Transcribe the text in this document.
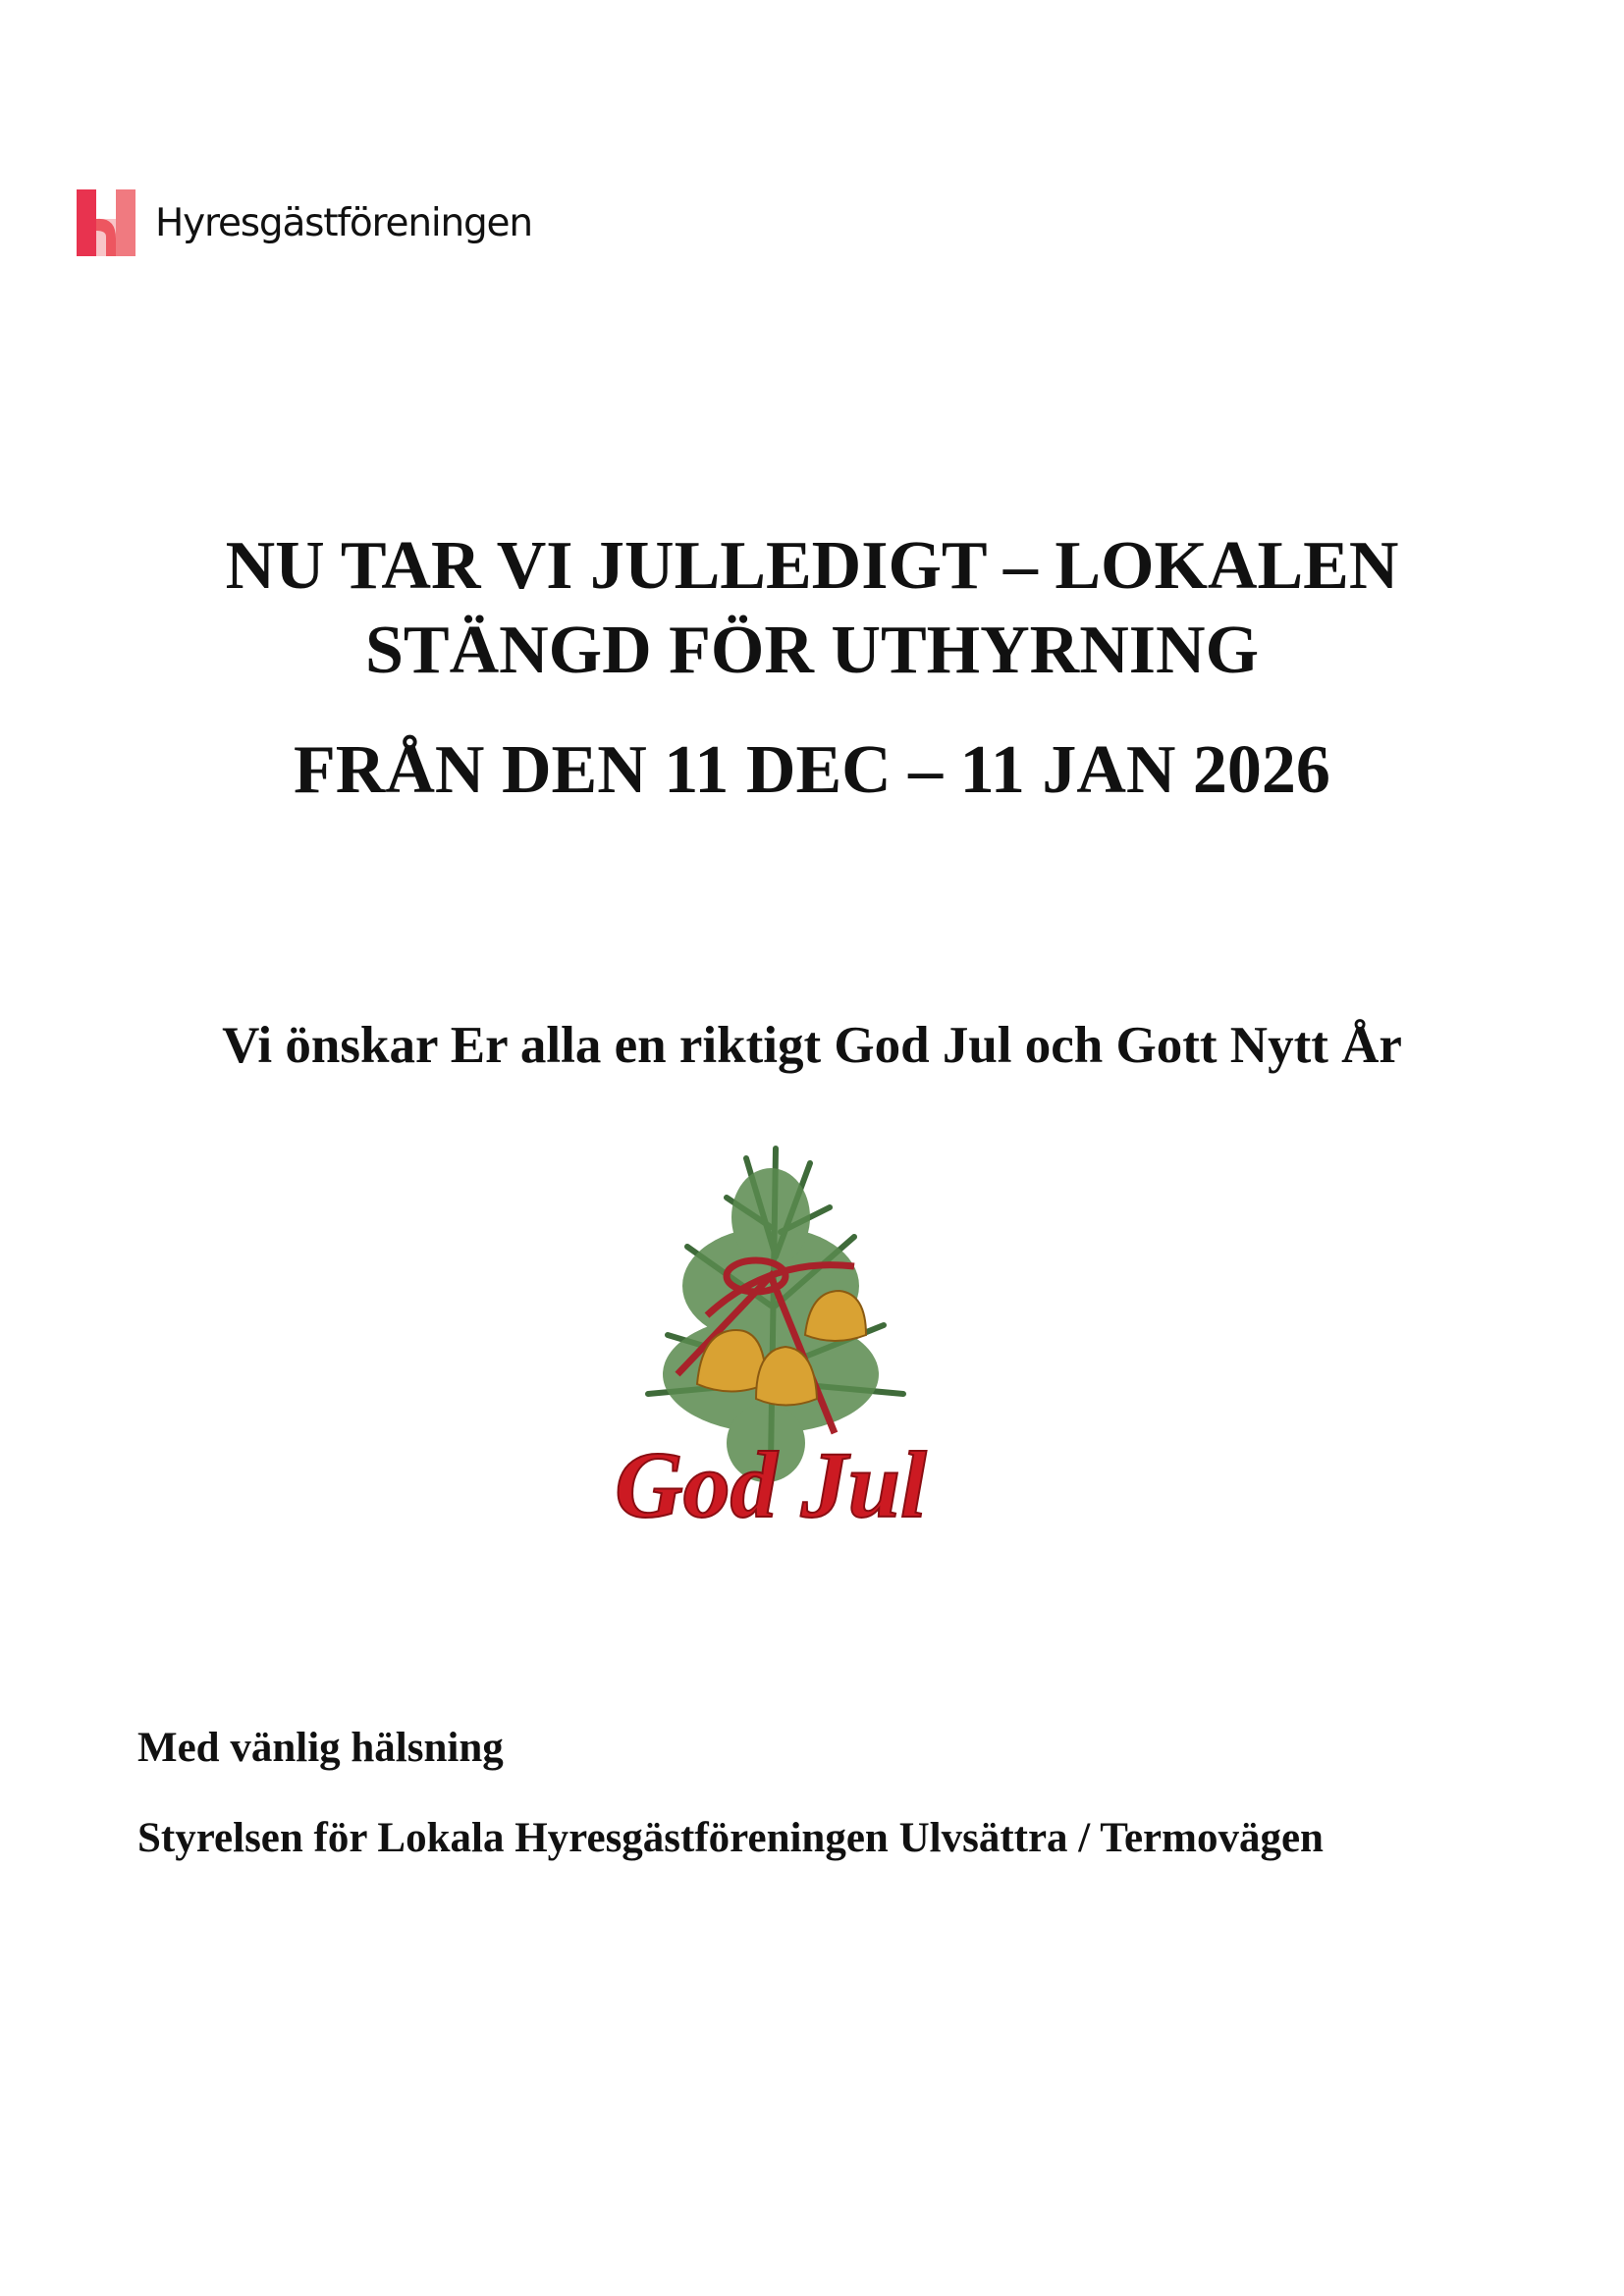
Hyresgästföreningen
NU TAR VI JULLEDIGT – LOKALEN
STÄNGD FÖR UTHYRNING
FRÅN DEN 11 DEC – 11 JAN 2026
Vi önskar Er alla en riktigt God Jul och Gott Nytt År
God Jul
Med vänlig hälsning
Styrelsen för Lokala Hyresgästföreningen Ulvsättra / Termovägen
